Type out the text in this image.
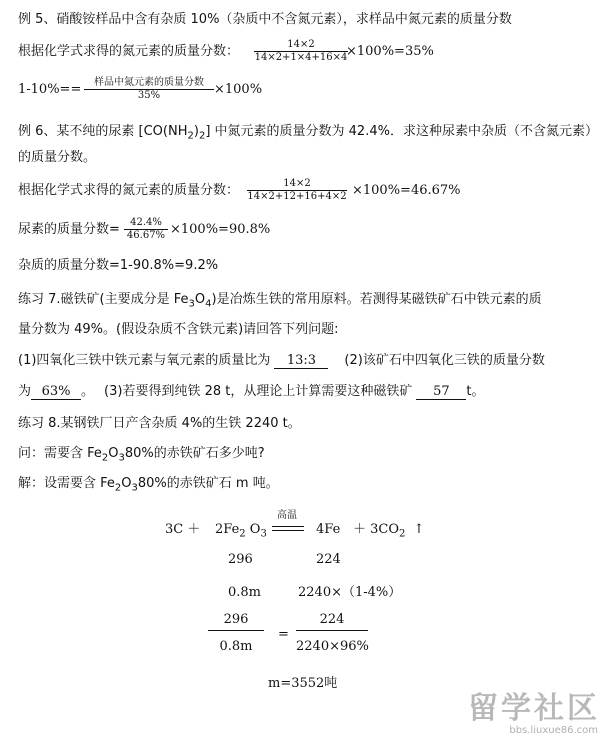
例 5、硝酸铵样品中含有杂质 10%（杂质中不含氮元素），求样品中氮元素的质量分数
根据化学式求得的氮元素的质量分数：	14×2
14×2+1×4+16×4
×100%=35%
1-10%==	样品中氮元素的质量分数
35%	×100%
例 6、某不纯的尿素 $[CO(NH_2)_2]$ 中氮元素的质量分数为 42.4%．求这种尿素中杂质（不含氮元素）
的质量分数。
根据化学式求得的氮元素的质量分数：	14×2
14×2+12+16+4×2 ×100%=46.67%
尿素的质量分数=	42.4%
46.67% ×100%=90.8%
杂质的质量分数=1-90.8%=9.2%
练习 7.磁铁矿(主要成分是 $Fe_3O_4$)是冶炼生铁的常用原料。若测得某磁铁矿石中铁元素的质
量分数为 49%。(假设杂质不含铁元素)请回答下列问题:
(1)四氧化三铁中铁元素与氧元素的质量比为 13:3 (2)该矿石中四氧化三铁的质量分数
为 63% 。 (3)若要得到纯铁 28 t，从理论上计算需要这种磁铁矿 57 t。
练习 8.某钢铁厂日产含杂质 4%的生铁 2240 t。
问：需要含 $Fe_2O_380\%$的赤铁矿石多少吨?
解：设需要含 $Fe_2O_380\%$的赤铁矿石 m 吨。
$3C + 2Fe_2$ $O_3$
高温
$4Fe + 3CO_2$ ↑
296	224
0.8m	2240×（1-4%）
296
0.8m
=
224
2240×96%
m=3552吨
留学社区
bbs.liuxue86.com
